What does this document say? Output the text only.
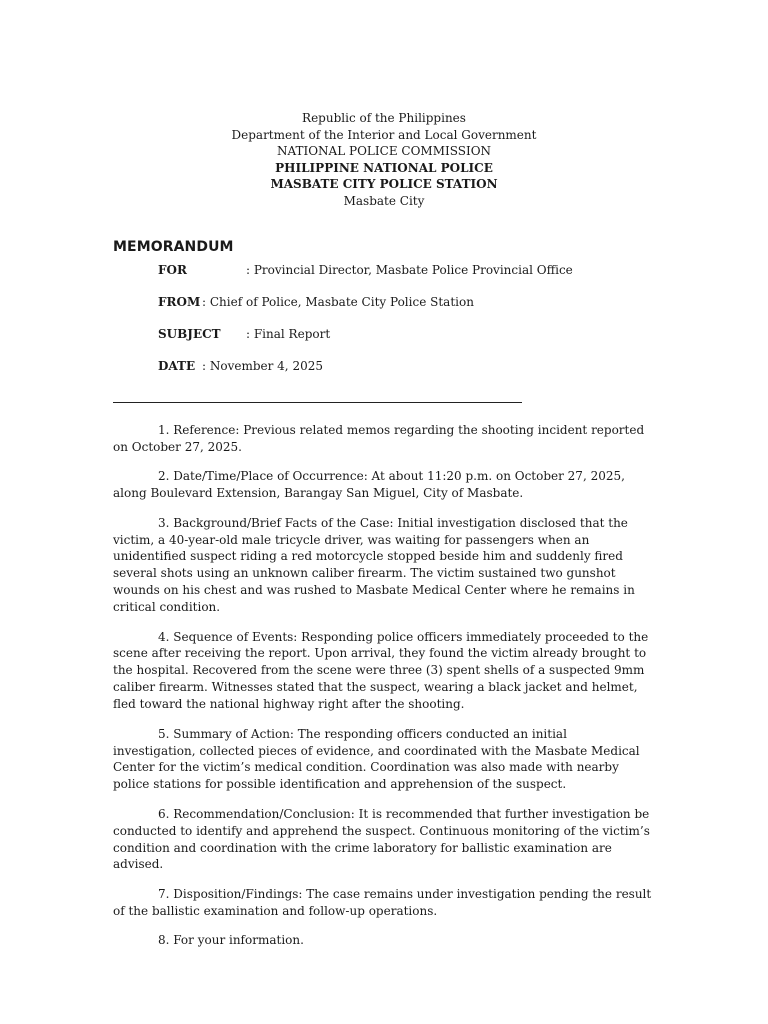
Republic of the Philippines
Department of the Interior and Local Government
NATIONAL POLICE COMMISSION
PHILIPPINE NATIONAL POLICE
MASBATE CITY POLICE STATION
Masbate City
MEMORANDUM
FOR	: Provincial Director, Masbate Police Provincial Office
FROM : Chief of Police, Masbate City Police Station
SUBJECT : Final Report
DATE : November 4, 2025

1. Reference: Previous related memos regarding the shooting incident reported on October 27, 2025.

2. Date/Time/Place of Occurrence: At about 11:20 p.m. on October 27, 2025, along Boulevard Extension, Barangay San Miguel, City of Masbate.

3. Background/Brief Facts of the Case: Initial investigation disclosed that the victim, a 40-year-old male tricycle driver, was waiting for passengers when an unidentified suspect riding a red motorcycle stopped beside him and suddenly fired several shots using an unknown caliber firearm. The victim sustained two gunshot wounds on his chest and was rushed to Masbate Medical Center where he remains in critical condition.

4. Sequence of Events: Responding police officers immediately proceeded to the scene after receiving the report. Upon arrival, they found the victim already brought to the hospital. Recovered from the scene were three (3) spent shells of a suspected 9mm caliber firearm. Witnesses stated that the suspect, wearing a black jacket and helmet, fled toward the national highway right after the shooting.

5. Summary of Action: The responding officers conducted an initial investigation, collected pieces of evidence, and coordinated with the Masbate Medical Center for the victim’s medical condition. Coordination was also made with nearby police stations for possible identification and apprehension of the suspect.

6. Recommendation/Conclusion: It is recommended that further investigation be conducted to identify and apprehend the suspect. Continuous monitoring of the victim’s condition and coordination with the crime laboratory for ballistic examination are advised.

7. Disposition/Findings: The case remains under investigation pending the result of the ballistic examination and follow-up operations.

8. For your information.
